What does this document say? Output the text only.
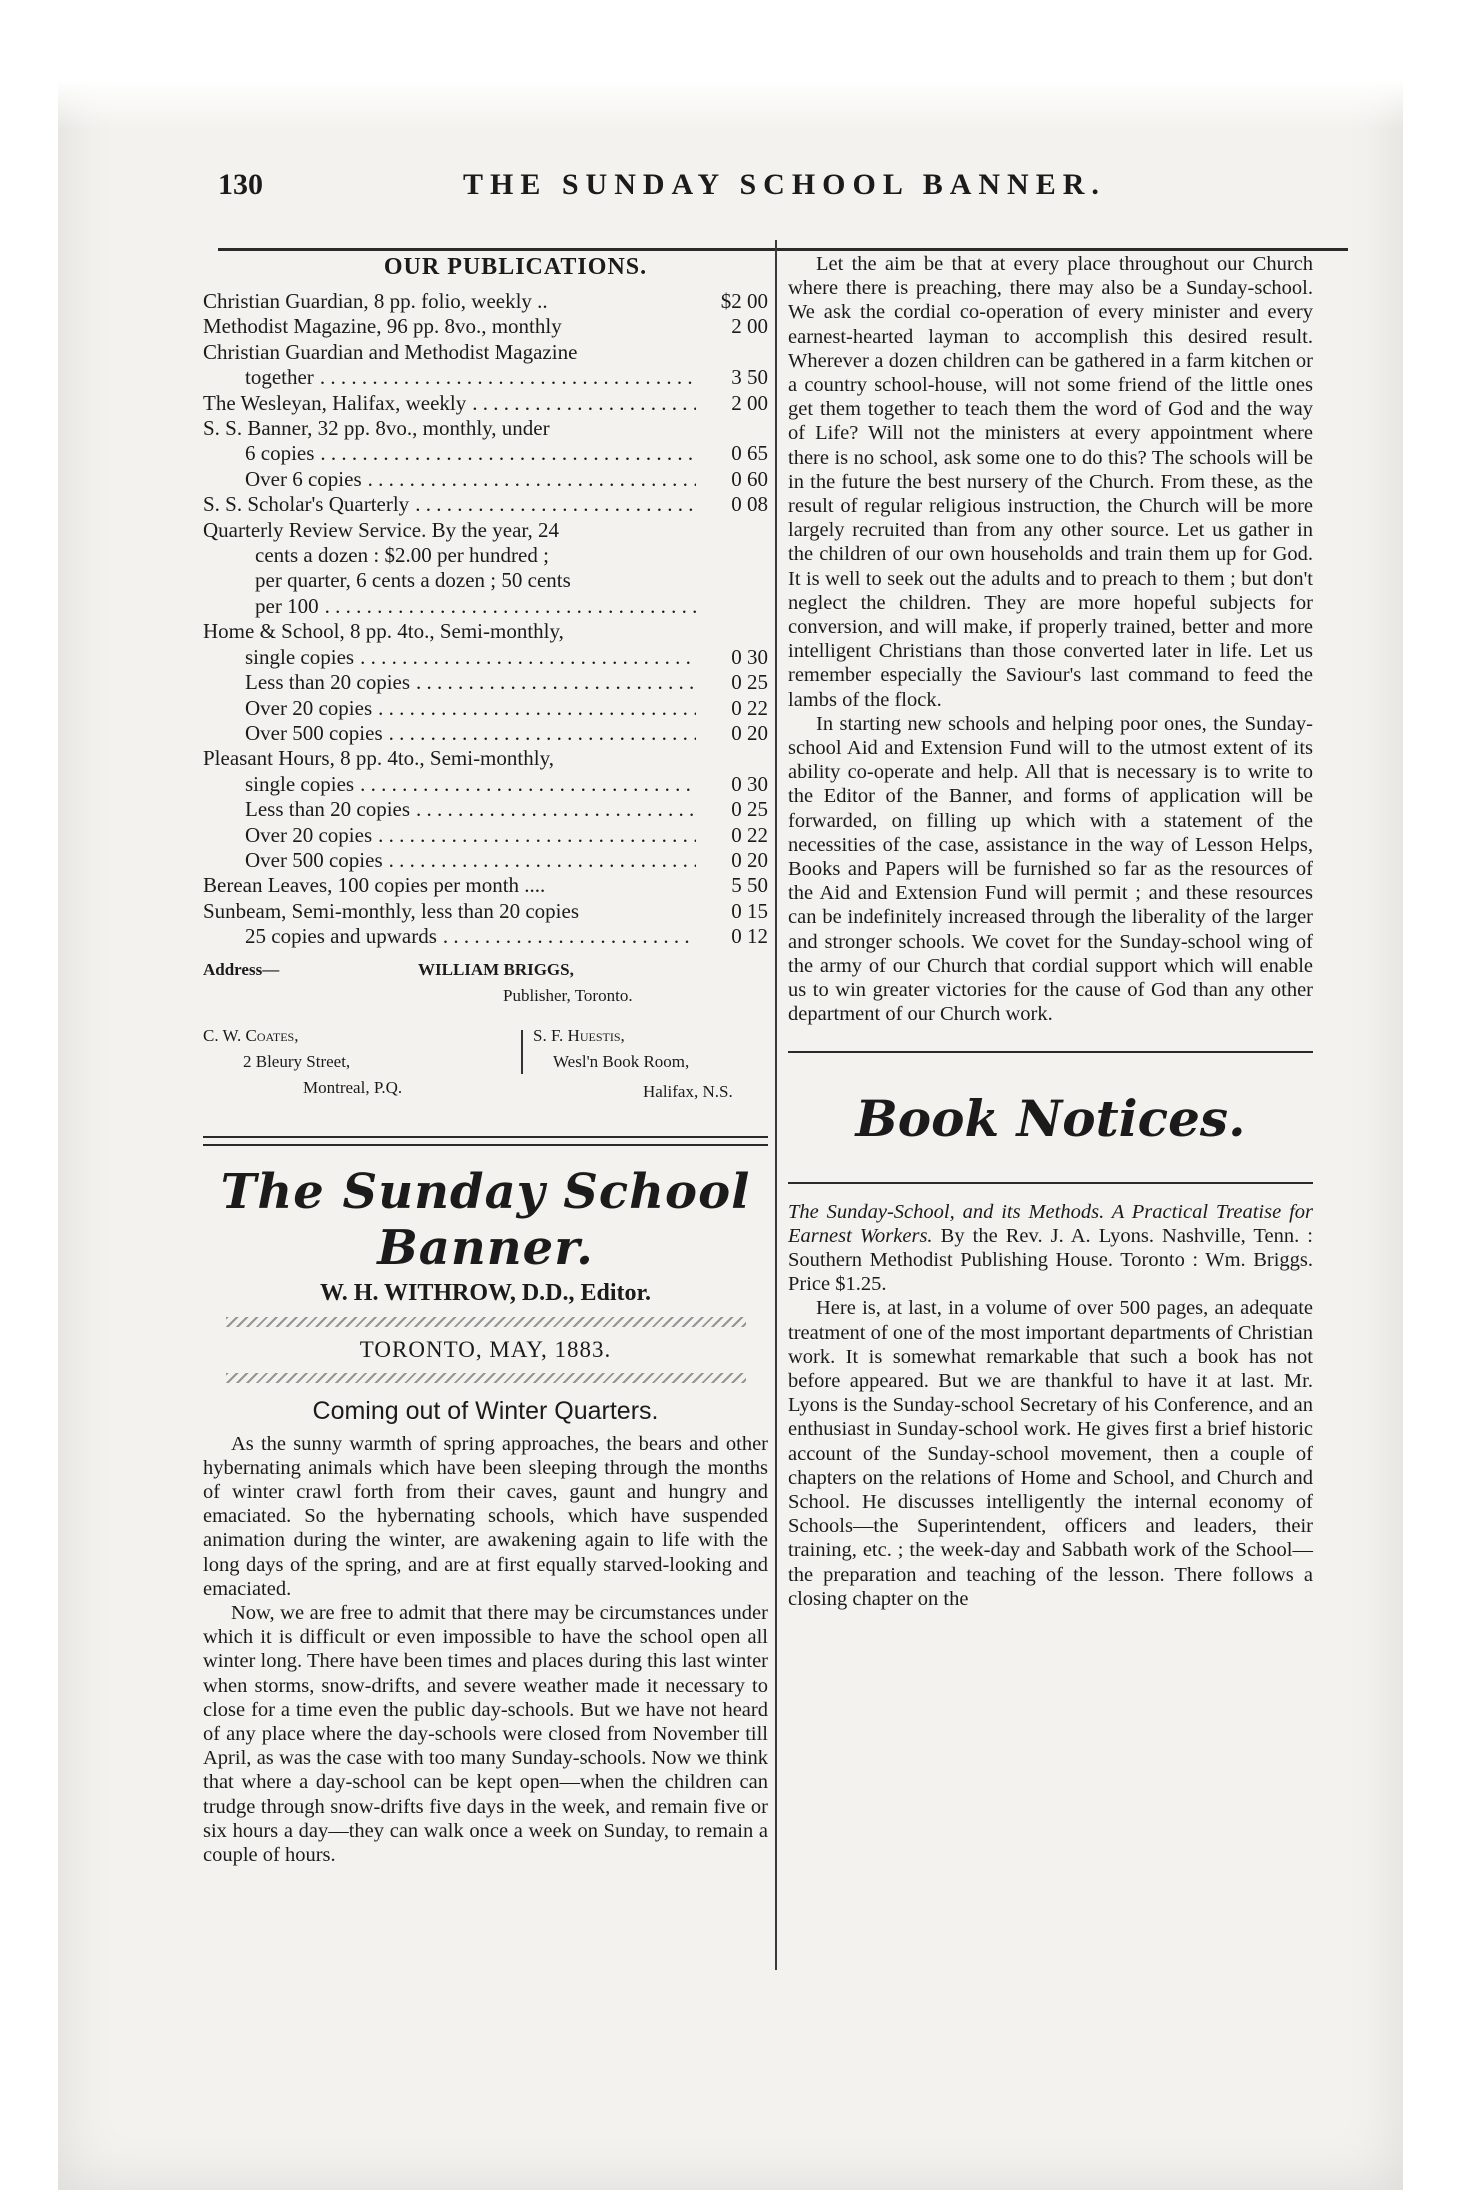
130	THE SUNDAY SCHOOL BANNER.
OUR PUBLICATIONS.
Christian Guardian, 8 pp. folio, weekly ..	$2 00
Methodist Magazine, 96 pp. 8vo., monthly	2 00
Christian Guardian and Methodist Magazine
together . . .	3 50
The Wesleyan, Halifax, weekly . . .	2 00
S. S. Banner, 32 pp. 8vo., monthly, under
6 copies . . .	0 65
Over 6 copies . . .	0 60
S. S. Scholar's Quarterly . . .	0 08
Quarterly Review Service. By the year, 24
cents a dozen : $2.00 per hundred ;
per quarter, 6 cents a dozen ; 50 cents
per 100 . . .
Home & School, 8 pp. 4to., Semi-monthly,
single copies . . .	0 30
Less than 20 copies . . .	0 25
Over 20 copies . . .	0 22
Over 500 copies . . .	0 20
Pleasant Hours, 8 pp. 4to., Semi-monthly,
single copies . . .	0 30
Less than 20 copies . . .	0 25
Over 20 copies . . .	0 22
Over 500 copies . . .	0 20
Berean Leaves, 100 copies per month ....	5 50
Sunbeam, Semi-monthly, less than 20 copies	0 15
25 copies and upwards . . .	0 12
Address—	WILLIAM BRIGGS,
Publisher, Toronto.
C. W. Coates,
2 Bleury Street,
Montreal, P.Q.
S. F. Huestis,
Wesl'n Book Room,
Halifax, N.S.
The Sunday School Banner.
W. H. WITHROW, D.D., Editor.
TORONTO, MAY, 1883.
Coming out of Winter Quarters.

As the sunny warmth of spring approaches, the bears and other hybernating animals which have been sleeping through the months of winter crawl forth from their caves, gaunt and hungry and emaciated. So the hybernating schools, which have suspended animation during the winter, are awakening again to life with the long days of the spring, and are at first equally starved-looking and emaciated.

Now, we are free to admit that there may be circumstances under which it is difficult or even impossible to have the school open all winter long. There have been times and places during this last winter when storms, snow-drifts, and severe weather made it necessary to close for a time even the public day-schools. But we have not heard of any place where the day-schools were closed from November till April, as was the case with too many Sunday-schools. Now we think that where a day-school can be kept open—when the children can trudge through snow-drifts five days in the week, and remain five or six hours a day—they can walk once a week on Sunday, to remain a couple of hours.

Let the aim be that at every place throughout our Church where there is preaching, there may also be a Sunday-school. We ask the cordial co-operation of every minister and every earnest-hearted layman to accomplish this desired result. Wherever a dozen children can be gathered in a farm kitchen or a country school-house, will not some friend of the little ones get them together to teach them the word of God and the way of Life? Will not the ministers at every appointment where there is no school, ask some one to do this? The schools will be in the future the best nursery of the Church. From these, as the result of regular religious instruction, the Church will be more largely recruited than from any other source. Let us gather in the children of our own households and train them up for God. It is well to seek out the adults and to preach to them ; but don't neglect the children. They are more hopeful subjects for conversion, and will make, if properly trained, better and more intelligent Christians than those converted later in life. Let us remember especially the Saviour's last command to feed the lambs of the flock.

In starting new schools and helping poor ones, the Sunday-school Aid and Extension Fund will to the utmost extent of its ability co-operate and help. All that is necessary is to write to the Editor of the Banner, and forms of application will be forwarded, on filling up which with a statement of the necessities of the case, assistance in the way of Lesson Helps, Books and Papers will be furnished so far as the resources of the Aid and Extension Fund will permit ; and these resources can be indefinitely increased through the liberality of the larger and stronger schools. We covet for the Sunday-school wing of the army of our Church that cordial support which will enable us to win greater victories for the cause of God than any other department of our Church work.

Book Notices.
The Sunday-School, and its Methods. A Practical Treatise for Earnest Workers. By the Rev. J. A. Lyons. Nashville, Tenn. : Southern Methodist Publishing House. Toronto : Wm. Briggs. Price $1.25.

Here is, at last, in a volume of over 500 pages, an adequate treatment of one of the most important departments of Christian work. It is somewhat remarkable that such a book has not before appeared. But we are thankful to have it at last. Mr. Lyons is the Sunday-school Secretary of his Conference, and an enthusiast in Sunday-school work. He gives first a brief historic account of the Sunday-school movement, then a couple of chapters on the relations of Home and School, and Church and School. He discusses intelligently the internal economy of Schools—the Superintendent, officers and leaders, their training, etc. ; the week-day and Sabbath work of the School—the preparation and teaching of the lesson. There follows a closing chapter on the
